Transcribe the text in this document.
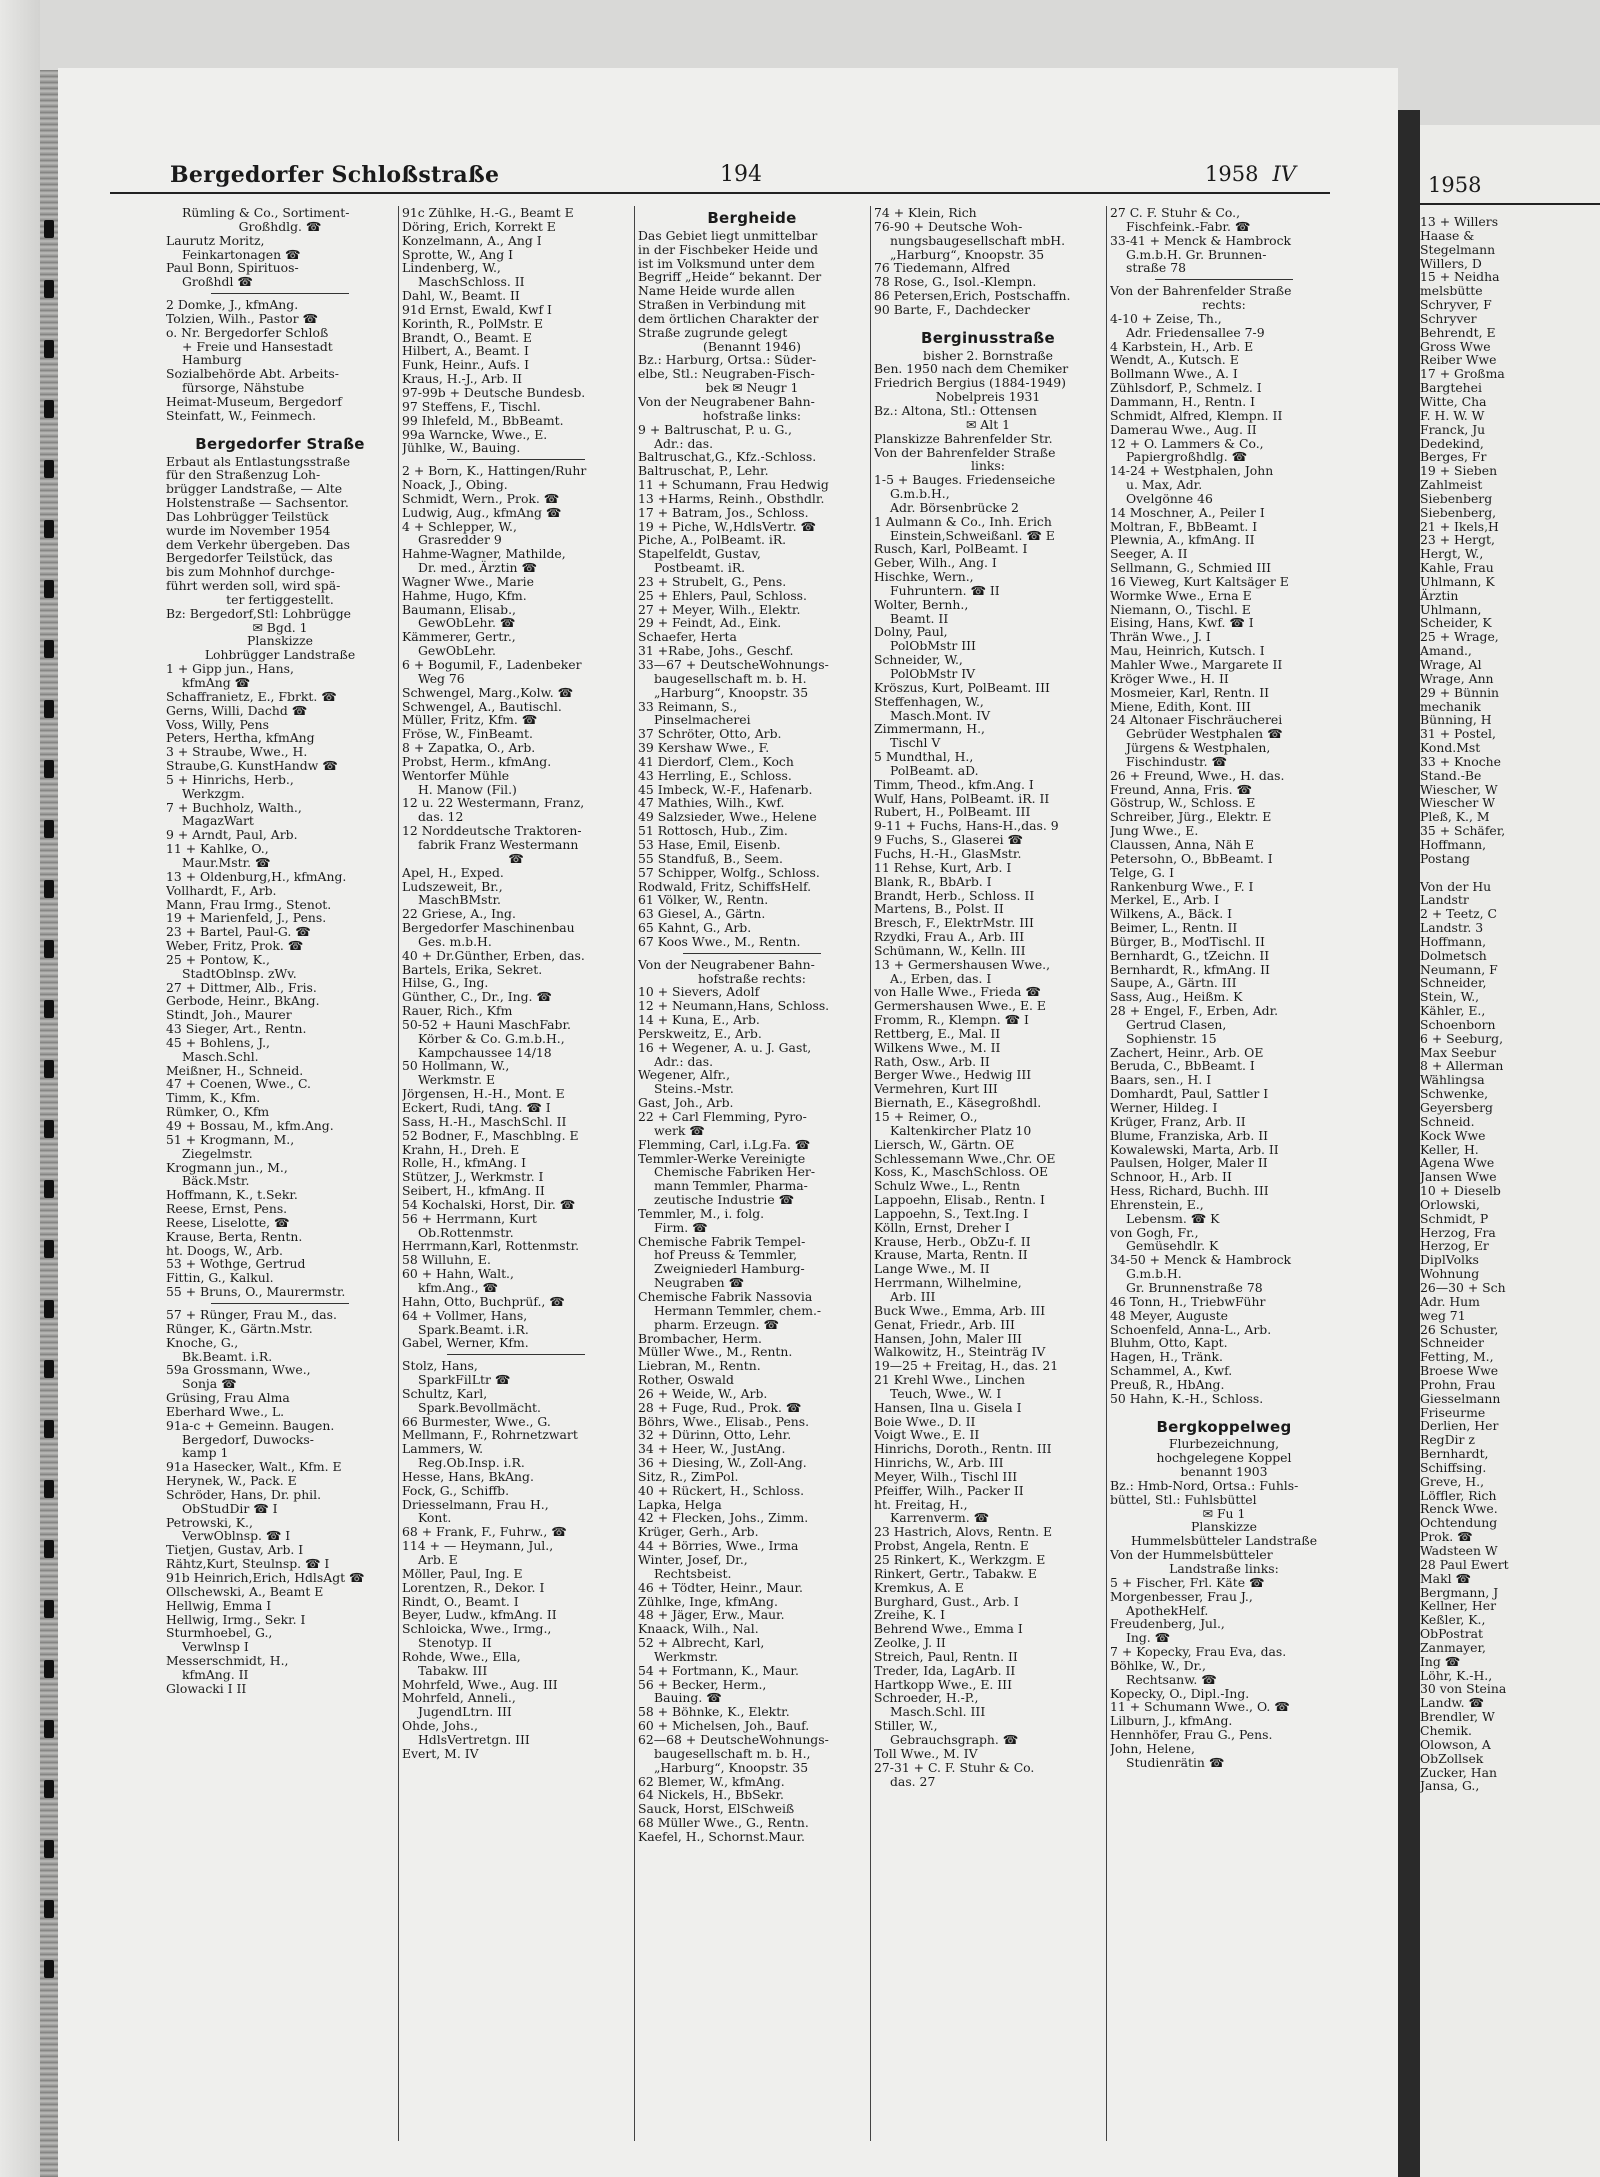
Bergedorfer Schloßstraße	194	1958 IV	1958
13 + Willers
Haase &
Stegelmann
Willers, D
15 + Neidha
melsbütte
Schryver, F
Schryver
Behrendt, E
Gross Wwe
Reiber Wwe
17 + Großma
Bargtehei
Witte, Cha
F. H. W. W
Franck, Ju
Dedekind,
Berges, Fr
19 + Sieben
Zahlmeist
Siebenberg
Siebenberg,
21 + Ikels,H
23 + Hergt,
Hergt, W.,
Kahle, Frau
Uhlmann, K
Ärztin
Uhlmann,
Scheider, K
25 + Wrage,
Amand.,
Wrage, Al
Wrage, Ann
29 + Bünnin
mechanik
Bünning, H
31 + Postel,
Kond.Mst
33 + Knoche
Stand.-Be
Wiescher, W
Wiescher W
Pleß, K., M
35 + Schäfer,
Hoffmann,
Postang

Von der Hu
Landstr
2 + Teetz, C
Landstr. 3
Hoffmann,
Dolmetsch
Neumann, F
Schneider,
Stein, W.,
Kähler, E.,
Schoenborn
6 + Seeburg,
Max Seebur
8 + Allerman
Wählingsa
Schwenke,
Geyersberg
Schneid.
Kock Wwe
Keller, H.
Agena Wwe
Jansen Wwe
10 + Dieselb
Orlowski,
Schmidt, P
Herzog, Fra
Herzog, Er
DiplVolks
Wohnung
26—30 + Sch
Adr. Hum
weg 71
26 Schuster,
Schneider
Fetting, M.,
Broese Wwe
Prohn, Frau
Giesselmann
Friseurme
Derlien, Her
RegDir z
Bernhardt,
Schiffsing.
Greve, H.,
Löffler, Rich
Renck Wwe.
Ochtendung
Prok. ☎
Wadsteen W
28 Paul Ewert
Makl ☎
Bergmann, J
Kellner, Her
Keßler, K.,
ObPostrat
Zanmayer,
Ing ☎
Löhr, K.-H.,
30 von Steina
Landw. ☎
Brendler, W
Chemik.
Olowson, A
ObZollsek
Zucker, Han
Jansa, G.,
Rümling & Co., Sortiment-
Großhdlg. ☎
Laurutz Moritz,
Feinkartonagen ☎
Paul Bonn, Spirituos-
Großhdl ☎
2 Domke, J., kfmAng.
Tolzien, Wilh., Pastor ☎
o. Nr. Bergedorfer Schloß
+ Freie und Hansestadt
Hamburg
Sozialbehörde Abt. Arbeits-
fürsorge, Nähstube
Heimat-Museum, Bergedorf
Steinfatt, W., Feinmech.
Bergedorfer Straße
Erbaut als Entlastungsstraße
für den Straßenzug Loh-
brügger Landstraße, — Alte
Holstenstraße — Sachsentor.
Das Lohbrügger Teilstück
wurde im November 1954
dem Verkehr übergeben. Das
Bergedorfer Teilstück, das
bis zum Mohnhof durchge-
führt werden soll, wird spä-
ter fertiggestellt.
Bz: Bergedorf,Stl: Lohbrügge
✉ Bgd. 1
Planskizze
Lohbrügger Landstraße
1 + Gipp jun., Hans,
kfmAng ☎
Schaffraniеtz, E., Fbrkt. ☎
Gerns, Willi, Dachd ☎
Voss, Willy, Pens
Peters, Hertha, kfmAng
3 + Straube, Wwe., H.
Straube,G. KunstHandw ☎
5 + Hinrichs, Herb.,
Werkzgm.
7 + Buchholz, Walth.,
MagazWart
9 + Arndt, Paul, Arb.
11 + Kahlke, O.,
Maur.Mstr. ☎
13 + Oldenburg,H., kfmAng.
Vollhardt, F., Arb.
Mann, Frau Irmg., Stenot.
19 + Marienfeld, J., Pens.
23 + Bartel, Paul-G. ☎
Weber, Fritz, Prok. ☎
25 + Pontow, K.,
StadtOblnsp. zWv.
27 + Dittmer, Alb., Fris.
Gerbode, Heinr., BkAng.
Stindt, Joh., Maurer
43 Sieger, Art., Rentn.
45 + Bohlens, J.,
Masch.Schl.
Meißner, H., Schneid.
47 + Coenen, Wwe., C.
Timm, K., Kfm.
Rümker, O., Kfm
49 + Bossau, M., kfm.Ang.
51 + Krogmann, M.,
Ziegelmstr.
Krogmann jun., M.,
Bäck.Mstr.
Hoffmann, K., t.Sekr.
Reese, Ernst, Pens.
Reese, Liselotte, ☎
Krause, Berta, Rentn.
ht. Doogs, W., Arb.
53 + Wothge, Gertrud
Fittin, G., Kalkul.
55 + Bruns, O., Maurermstr.
57 + Rünger, Frau M., das.
Rünger, K., Gärtn.Mstr.
Knoche, G.,
Bk.Beamt. i.R.
59a Grossmann, Wwe.,
Sonja ☎
Grüsing, Frau Alma
Eberhard Wwe., L.
91a-c + Gemeinn. Baugen.
Bergedorf, Duwocks-
kamp 1
91a Hasecker, Walt., Kfm. E
Herynek, W., Pack. E
Schröder, Hans, Dr. phil.
ObStudDir ☎ I
Petrowski, K.,
VerwOblnsp. ☎ I
Tietjen, Gustav, Arb. I
Rähtz,Kurt, Steulnsp. ☎ I
91b Heinrich,Erich, HdlsAgt ☎
Ollschewski, A., Beamt E
Hellwig, Emma I
Hellwig, Irmg., Sekr. I
Sturmhoebel, G.,
Verwlnsp I
Messerschmidt, H.,
kfmAng. II
Glowacki I II
91c Zühlke, H.-G., Beamt E
Döring, Erich, Korrekt E
Konzelmann, A., Ang I
Sprotte, W., Ang I
Lindenberg, W.,
MaschSchloss. II
Dahl, W., Beamt. II
91d Ernst, Ewald, Kwf I
Korinth, R., PolMstr. E
Brandt, O., Beamt. E
Hilbert, A., Beamt. I
Funk, Heinr., Aufs. I
Kraus, H.-J., Arb. II
97-99b + Deutsche Bundesb.
97 Steffens, F., Tischl.
99 Ihlefeld, M., BbBeamt.
99a Warncke, Wwe., E.
Jühlke, W., Bauing.
2 + Born, K., Hattingen/Ruhr
Noack, J., Obing.
Schmidt, Wern., Prok. ☎
Ludwig, Aug., kfmAng ☎
4 + Schlepper, W.,
Grasredder 9
Hahme-Wagner, Mathilde,
Dr. med., Ärztin ☎
Wagner Wwe., Marie
Hahme, Hugo, Kfm.
Baumann, Elisab.,
GewObLehr. ☎
Kämmerer, Gertr.,
GewObLehr.
6 + Bogumil, F., Ladenbeker
Weg 76
Schwengel, Marg.,Kolw. ☎
Schwengel, A., Bautischl.
Müller, Fritz, Kfm. ☎
Fröse, W., FinBeamt.
8 + Zapatka, O., Arb.
Probst, Herm., kfmAng.
Wentorfer Mühle
H. Manow (Fil.)
12 u. 22 Westermann, Franz,
das. 12
12 Norddeutsche Traktoren-
fabrik Franz Westermann
☎
Apel, H., Exped.
Ludszeweit, Br.,
MaschBMstr.
22 Griese, A., Ing.
Bergedorfer Maschinenbau
Ges. m.b.H.
40 + Dr.Günther, Erben, das.
Bartels, Erika, Sekret.
Hilse, G., Ing.
Günther, C., Dr., Ing. ☎
Rauer, Rich., Kfm
50-52 + Hauni MaschFabr.
Körber & Co. G.m.b.H.,
Kampchaussee 14/18
50 Hollmann, W.,
Werkmstr. E
Jörgensen, H.-H., Mont. E
Eckert, Rudi, tAng. ☎ I
Sass, H.-H., MaschSchl. II
52 Bodner, F., Maschblng. E
Krahn, H., Dreh. E
Rolle, H., kfmAng. I
Stützer, J., Werkmstr. I
Seibert, H., kfmAng. II
54 Kochalski, Horst, Dir. ☎
56 + Herrmann, Kurt
Ob.Rottenmstr.
Herrmann,Karl, Rottenmstr.
58 Willuhn, E.
60 + Hahn, Walt.,
kfm.Ang., ☎
Hahn, Otto, Buchprüf., ☎
64 + Vollmer, Hans,
Spark.Beamt. i.R.
Gabel, Werner, Kfm.
Stolz, Hans,
SparkFilLtr ☎
Schultz, Karl,
Spark.Bevollmächt.
66 Burmester, Wwe., G.
Mellmann, F., Rohrnetzwart
Lammers, W.
Reg.Ob.Insp. i.R.
Hesse, Hans, BkAng.
Fock, G., Schiffb.
Driesselmann, Frau H.,
Kont.
68 + Frank, F., Fuhrw., ☎
114 + — Heymann, Jul.,
Arb. E
Möller, Paul, Ing. E
Lorentzen, R., Dekor. I
Rindt, O., Beamt. I
Beyer, Ludw., kfmAng. II
Schloicka, Wwe., Irmg.,
Stenotyp. II
Rohde, Wwe., Ella,
Tabakw. III
Mohrfeld, Wwe., Aug. III
Mohrfeld, Anneli.,
JugendLtrn. III
Ohde, Johs.,
HdlsVertretgn. III
Evert, M. IV
Bergheide
Das Gebiet liegt unmittelbar
in der Fischbeker Heide und
ist im Volksmund unter dem
Begriff „Heide“ bekannt. Der
Name Heide wurde allen
Straßen in Verbindung mit
dem örtlichen Charakter der
Straße zugrunde gelegt
(Benannt 1946)
Bz.: Harburg, Ortsa.: Süder-
elbe, Stl.: Neugraben-Fisch-
bek ✉ Neugr 1
Von der Neugrabener Bahn-
hofstraße links:
9 + Baltruschat, P. u. G.,
Adr.: das.
Baltruschat,G., Kfz.-Schloss.
Baltruschat, P., Lehr.
11 + Schumann, Frau Hedwig
13 +Harms, Reinh., Obsthdlr.
17 + Batram, Jos., Schloss.
19 + Piche, W.,HdlsVertr. ☎
Piche, A., PolBeamt. iR.
Stapelfeldt, Gustav,
Postbeamt. iR.
23 + Strubelt, G., Pens.
25 + Ehlers, Paul, Schloss.
27 + Meyer, Wilh., Elektr.
29 + Feindt, Ad., Eink.
Schaefer, Herta
31 +Rabe, Johs., Geschf.
33—67 + DeutscheWohnungs-
baugesellschaft m. b. H.
„Harburg“, Knoopstr. 35
33 Reimann, S.,
Pinselmacherei
37 Schröter, Otto, Arb.
39 Kershaw Wwe., F.
41 Dierdorf, Clem., Koch
43 Herrling, E., Schloss.
45 Imbeck, W.-F., Hafenarb.
47 Mathies, Wilh., Kwf.
49 Salzsieder, Wwe., Helene
51 Rottosch, Hub., Zim.
53 Hase, Emil, Eisenb.
55 Standfuß, B., Seem.
57 Schipper, Wolfg., Schloss.
Rodwald, Fritz, SchiffsHelf.
61 Völker, W., Rentn.
63 Giesel, A., Gärtn.
65 Kahnt, G., Arb.
67 Koos Wwe., M., Rentn.
Von der Neugrabener Bahn-
hofstraße rechts:
10 + Sievers, Adolf
12 + Neumann,Hans, Schloss.
14 + Kuna, E., Arb.
Perskweitz, E., Arb.
16 + Wegener, A. u. J. Gast,
Adr.: das.
Wegener, Alfr.,
Steins.-Mstr.
Gast, Joh., Arb.
22 + Carl Flemming, Pyro-
werk ☎
Flemming, Carl, i.Lg.Fa. ☎
Temmler-Werke Vereinigte
Chemische Fabriken Her-
mann Temmler, Pharma-
zeutische Industrie ☎
Temmler, M., i. folg.
Firm. ☎
Chemische Fabrik Tempel-
hof Preuss & Temmler,
Zweigniederl Hamburg-
Neugraben ☎
Chemische Fabrik Nassovia
Hermann Temmler, chem.-
pharm. Erzeugn. ☎
Brombacher, Herm.
Müller Wwe., M., Rentn.
Liebran, M., Rentn.
Rother, Oswald
26 + Weide, W., Arb.
28 + Fuge, Rud., Prok. ☎
Böhrs, Wwe., Elisab., Pens.
32 + Dürinn, Otto, Lehr.
34 + Heer, W., JustAng.
36 + Diesing, W., Zoll-Ang.
Sitz, R., ZimPol.
40 + Rückert, H., Schloss.
Lapka, Helga
42 + Flecken, Johs., Zimm.
Krüger, Gerh., Arb.
44 + Börries, Wwe., Irma
Winter, Josef, Dr.,
Rechtsbeist.
46 + Tödter, Heinr., Maur.
Zühlke, Inge, kfmAng.
48 + Jäger, Erw., Maur.
Knaack, Wilh., Nal.
52 + Albrecht, Karl,
Werkmstr.
54 + Fortmann, K., Maur.
56 + Becker, Herm.,
Bauing. ☎
58 + Böhnke, K., Elektr.
60 + Michelsen, Joh., Bauf.
62—68 + DeutscheWohnungs-
baugesellschaft m. b. H.,
„Harburg“, Knoopstr. 35
62 Blemer, W., kfmAng.
64 Nickels, H., BbSekr.
Sauck, Horst, ElSchweiß
68 Müller Wwe., G., Rentn.
Kaefel, H., Schornst.Maur.
74 + Klein, Rich
76-90 + Deutsche Woh-
nungsbaugesellschaft mbH.
„Harburg“, Knoopstr. 35
76 Tiedemann, Alfred
78 Rose, G., Isol.-Klempn.
86 Petersen,Erich, Postschaffn.
90 Barte, F., Dachdecker
Berginusstraße
bisher 2. Bornstraße
Ben. 1950 nach dem Chemiker
Friedrich Bergius (1884-1949)
Nobelpreis 1931
Bz.: Altona, Stl.: Ottensen
✉ Alt 1
Planskizze Bahrenfelder Str.
Von der Bahrenfelder Straße
links:
1-5 + Bauges. Friedenseiche
G.m.b.H.,
Adr. Börsenbrücke 2
1 Aulmann & Co., Inh. Erich
Einstein,Schweißanl. ☎ E
Rusch, Karl, PolBeamt. I
Geber, Wilh., Ang. I
Hischke, Wern.,
Fuhruntern. ☎ II
Wolter, Bernh.,
Beamt. II
Dolny, Paul,
PolObMstr III
Schneider, W.,
PolObMstr IV
Kröszus, Kurt, PolBeamt. III
Steffenhagen, W.,
Masch.Mont. IV
Zimmermann, H.,
Tischl V
5 Mundthal, H.,
PolBeamt. aD.
Timm, Theod., kfm.Ang. I
Wulf, Hans, PolBeamt. iR. II
Rubert, H., PolBeamt. III
9-11 + Fuchs, Hans-H.,das. 9
9 Fuchs, S., Glaserei ☎
Fuchs, H.-H., GlasMstr.
11 Rehse, Kurt, Arb. I
Blank, R., BbArb. I
Brandt, Herb., Schloss. II
Martens, B., Polst. II
Bresch, F., ElektrMstr. III
Rzydki, Frau A., Arb. III
Schümann, W., Kelln. III
13 + Germershausen Wwe.,
A., Erben, das. I
von Halle Wwe., Frieda ☎
Germershausen Wwe., E. E
Fromm, R., Klempn. ☎ I
Rettberg, E., Mal. II
Wilkens Wwe., M. II
Rath, Osw., Arb. II
Berger Wwe., Hedwig III
Vermehren, Kurt III
Biernath, E., Käsegroßhdl.
15 + Reimer, O.,
Kaltenkircher Platz 10
Liersch, W., Gärtn. OE
Schlessemann Wwe.,Chr. OE
Koss, K., MaschSchloss. OE
Schulz Wwe., L., Rentn
Lappoehn, Elisab., Rentn. I
Lappoehn, S., Text.Ing. I
Kölln, Ernst, Dreher I
Krause, Herb., ObZu-f. II
Krause, Marta, Rentn. II
Lange Wwe., M. II
Herrmann, Wilhelmine,
Arb. III
Buck Wwe., Emma, Arb. III
Genat, Friedr., Arb. III
Hansen, John, Maler III
Walkowitz, H., Steinträg IV
19—25 + Freitag, H., das. 21
21 Krehl Wwe., Linchen
Teuch, Wwe., W. I
Hansen, Ilna u. Gisela I
Boie Wwe., D. II
Voigt Wwe., E. II
Hinrichs, Doroth., Rentn. III
Hinrichs, W., Arb. III
Meyer, Wilh., Tischl III
Pfeiffer, Wilh., Packer II
ht. Freitag, H.,
Karrenverm. ☎
23 Hastrich, Alovs, Rentn. E
Probst, Angela, Rentn. E
25 Rinkert, K., Werkzgm. E
Rinkert, Gertr., Tabakw. E
Kremkus, A. E
Burghard, Gust., Arb. I
Zreihe, K. I
Behrend Wwe., Emma I
Zeolke, J. II
Streich, Paul, Rentn. II
Treder, Ida, LagArb. II
Hartkopp Wwe., E. III
Schroeder, H.-P.,
Masch.Schl. III
Stiller, W.,
Gebrauchsgraph. ☎
Toll Wwe., M. IV
27-31 + C. F. Stuhr & Co.
das. 27
27 C. F. Stuhr & Co.,
Fischfeink.-Fabr. ☎
33-41 + Menck & Hambrock
G.m.b.H. Gr. Brunnen-
straße 78
Von der Bahrenfelder Straße
rechts:
4-10 + Zeise, Th.,
Adr. Friedensallee 7-9
4 Karbstein, H., Arb. E
Wendt, A., Kutsch. E
Bollmann Wwe., A. I
Zühlsdorf, P., Schmelz. I
Dammann, H., Rentn. I
Schmidt, Alfred, Klempn. II
Damerau Wwe., Aug. II
12 + O. Lammers & Co.,
Papiergroßhdlg. ☎
14-24 + Westphalen, John
u. Max, Adr.
Ovelgönne 46
14 Moschner, A., Peiler I
Moltran, F., BbBeamt. I
Plewnia, A., kfmAng. II
Seeger, A. II
Sellmann, G., Schmied III
16 Vieweg, Kurt Kaltsäger E
Wormke Wwe., Erna E
Niemann, O., Tischl. E
Eising, Hans, Kwf. ☎ I
Thrän Wwe., J. I
Mau, Heinrich, Kutsch. I
Mahler Wwe., Margarete II
Kröger Wwe., H. II
Mosmeier, Karl, Rentn. II
Miene, Edith, Kont. III
24 Altonaer Fischräucherei
Gebrüder Westphalen ☎
Jürgens & Westphalen,
Fischindustr. ☎
26 + Freund, Wwe., H. das.
Freund, Anna, Fris. ☎
Göstrup, W., Schloss. E
Schreiber, Jürg., Elektr. E
Jung Wwe., E.
Claussen, Anna, Näh E
Petersohn, O., BbBeamt. I
Telge, G. I
Rankenburg Wwe., F. I
Merkel, E., Arb. I
Wilkens, A., Bäck. I
Beimer, L., Rentn. II
Bürger, B., ModTischl. II
Bernhardt, G., tZeichn. II
Bernhardt, R., kfmAng. II
Saupe, A., Gärtn. III
Sass, Aug., Heißm. K
28 + Engel, F., Erben, Adr.
Gertrud Clasen,
Sophienstr. 15
Zachert, Heinr., Arb. OE
Beruda, C., BbBeamt. I
Baars, sen., H. I
Domhardt, Paul, Sattler I
Werner, Hildeg. I
Krüger, Franz, Arb. II
Blume, Franziska, Arb. II
Kowalewski, Marta, Arb. II
Paulsen, Holger, Maler II
Schnoor, H., Arb. II
Hess, Richard, Buchh. III
Ehrenstein, E.,
Lebensm. ☎ K
von Gogh, Fr.,
Gemüsehdlr. K
34-50 + Menck & Hambrock
G.m.b.H.
Gr. Brunnenstraße 78
46 Tonn, H., TriebwFühr
48 Meyer, Auguste
Schoenfeld, Anna-L., Arb.
Bluhm, Otto, Kapt.
Hagen, H., Tränk.
Schammel, A., Kwf.
Preuß, R., HbAng.
50 Hahn, K.-H., Schloss.
Bergkoppelweg
Flurbezeichnung,
hochgelegene Koppel
benannt 1903
Bz.: Hmb-Nord, Ortsa.: Fuhls-
büttel, Stl.: Fuhlsbüttel
✉ Fu 1
Planskizze
Hummelsbütteler Landstraße
Von der Hummelsbütteler
Landstraße links:
5 + Fischer, Frl. Käte ☎
Morgenbesser, Frau J.,
ApothekHelf.
Freudenberg, Jul.,
Ing. ☎
7 + Kopecky, Frau Eva, das.
Böhlke, W., Dr.,
Rechtsanw. ☎
Kopecky, O., Dipl.-Ing.
11 + Schumann Wwe., O. ☎
Lilburn, J., kfmAng.
Hennhöfer, Frau G., Pens.
John, Helene,
Studienrätin ☎
